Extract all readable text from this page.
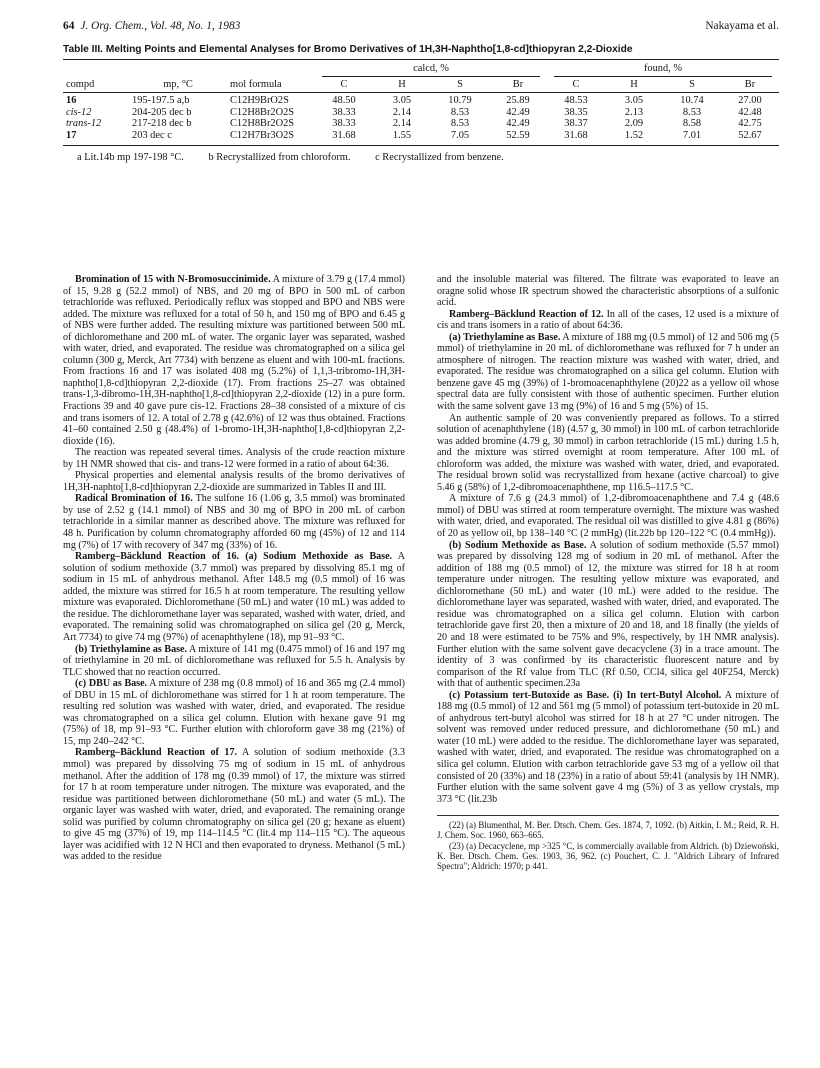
64 J. Org. Chem., Vol. 48, No. 1, 1983	Nakayama et al.
Table III. Melting Points and Elemental Analyses for Bromo Derivatives of 1H,3H-Naphtho[1,8-cd]thiopyran 2,2-Dioxide

			calcd, %				found, %			

compd	mp, °C	mol formula	C	H	S	Br	C	H	S	Br
16	195-197.5 a,b	C12H9BrO2S	48.50	3.05	10.79	25.89	48.53	3.05	10.74	27.00
cis-12	204-205 dec b	C12H8Br2O2S	38.33	2.14	8.53	42.49	38.35	2.13	8.53	42.48
trans-12	217-218 dec b	C12H8Br2O2S	38.33	2.14	8.53	42.49	38.37	2.09	8.58	42.75
17	203 dec c	C12H7Br3O2S	31.68	1.55	7.05	52.59	31.68	1.52	7.01	52.67
a Lit.14b mp 197-198 °C. b Recrystallized from chloroform. c Recrystallized from benzene.

Bromination of 15 with N-Bromosuccinimide. A mixture of 3.79 g (17.4 mmol) of 15, 9.28 g (52.2 mmol) of NBS, and 20 mg of BPO in 500 mL of carbon tetrachloride was refluxed. Periodically reflux was stopped and BPO and NBS were added. The mixture was refluxed for a total of 50 h, and 150 mg of BPO and 6.45 g of NBS were further added. The resulting mixture was partitioned between 500 mL of dichloromethane and 200 mL of water. The organic layer was separated, washed with water, dried, and evaporated. The residue was chromatographed on a silica gel column (300 g, Merck, Art 7734) with benzene as eluent and with 100-mL fractions. From fractions 16 and 17 was isolated 408 mg (5.2%) of 1,1,3-tribromo-1H,3H-naphtho[1,8-cd]thiopyran 2,2-dioxide (17). From fractions 25–27 was obtained trans-1,3-dibromo-1H,3H-naphtho[1,8-cd]thiopyran 2,2-dioxide (12) in a pure form. Fractions 39 and 40 gave pure cis-12. Fractions 28–38 consisted of a mixture of cis and trans isomers of 12. A total of 2.78 g (42.6%) of 12 was thus obtained. Fractions 41–60 contained 2.50 g (48.4%) of 1-bromo-1H,3H-naphtho[1,8-cd]thiopyran 2,2-dioxide (16).

The reaction was repeated several times. Analysis of the crude reaction mixture by 1H NMR showed that cis- and trans-12 were formed in a ratio of about 64:36.

Physical properties and elemental analysis results of the bromo derivatives of 1H,3H-naphto[1,8-cd]thiopyran 2,2-dioxide are summarized in Tables II and III.

Radical Bromination of 16. The sulfone 16 (1.06 g, 3.5 mmol) was brominated by use of 2.52 g (14.1 mmol) of NBS and 30 mg of BPO in 200 mL of carbon tetrachloride in a similar manner as described above. The mixture was refluxed for 48 h. Purification by column chromatography afforded 60 mg (45%) of 12 and 114 mg (7%) of 17 with recovery of 347 mg (33%) of 16.

Ramberg–Bäcklund Reaction of 16. (a) Sodium Methoxide as Base. A solution of sodium methoxide (3.7 mmol) was prepared by dissolving 85.1 mg of sodium in 15 mL of anhydrous methanol. After 148.5 mg (0.5 mmol) of 16 was added, the mixture was stirred for 16.5 h at room temperature. The resulting yellow mixture was evaporated. Dichloromethane (50 mL) and water (10 mL) was added to the residue. The dichloromethane layer was separated, washed with water, dried, and evaporated. The remaining solid was chromatographed on silica gel (20 g, Merck, Art 7734) to give 74 mg (97%) of acenaphthylene (18), mp 91–93 °C.

(b) Triethylamine as Base. A mixture of 141 mg (0.475 mmol) of 16 and 197 mg of triethylamine in 20 mL of dichloromethane was refluxed for 5.5 h. Analysis by TLC showed that no reaction occurred.

(c) DBU as Base. A mixture of 238 mg (0.8 mmol) of 16 and 365 mg (2.4 mmol) of DBU in 15 mL of dichloromethane was stirred for 1 h at room temperature. The resulting red solution was washed with water, dried, and evaporated. The residue was chromatographed on a silica gel column. Elution with hexane gave 91 mg (75%) of 18, mp 91–93 °C. Further elution with chloroform gave 38 mg (21%) of 15, mp 240–242 °C.

Ramberg–Bäcklund Reaction of 17. A solution of sodium methoxide (3.3 mmol) was prepared by dissolving 75 mg of sodium in 15 mL of anhydrous methanol. After the addition of 178 mg (0.39 mmol) of 17, the mixture was stirred for 17 h at room temperature under nitrogen. The mixture was evaporated, and the residue was partitioned between dichloromethane (50 mL) and water (5 mL). The organic layer was washed with water, dried, and evaporated. The remaining orange solid was purified by column chromatography on silica gel (20 g; hexane as eluent) to give 45 mg (37%) of 19, mp 114–114.5 °C (lit.4 mp 114–115 °C). The aqueous layer was acidified with 12 N HCl and then evaporated to dryness. Methanol (5 mL) was added to the residue

and the insoluble material was filtered. The filtrate was evaporated to leave an oragne solid whose IR spectrum showed the characteristic absorptions of a sulfonic acid.

Ramberg–Bäcklund Reaction of 12. In all of the cases, 12 used is a mixture of cis and trans isomers in a ratio of about 64:36.

(a) Triethylamine as Base. A mixture of 188 mg (0.5 mmol) of 12 and 506 mg (5 mmol) of triethylamine in 20 mL of dichloromethane was refluxed for 7 h under an atmosphere of nitrogen. The reaction mixture was washed with water, dried, and evaporated. The residue was chromatographed on a silica gel column. Elution with benzene gave 45 mg (39%) of 1-bromoacenaphthylene (20)22 as a yellow oil whose spectral data are fully consistent with those of authentic specimen. Further elution with the same solvent gave 13 mg (9%) of 16 and 5 mg (5%) of 15.

An authentic sample of 20 was conveniently prepared as follows. To a stirred solution of acenaphthylene (18) (4.57 g, 30 mmol) in 100 mL of carbon tetrachloride was added bromine (4.79 g, 30 mmol) in carbon tetrachloride (15 mL) during 1.5 h, and the mixture was stirred overnight at room temperature. After 100 mL of chloroform was added, the mixture was washed with water, dried, and evaporated. The residual brown solid was recrystallized from hexane (active charcoal) to give 5.46 g (58%) of 1,2-dibromoacenaphthene, mp 116.5–117.5 °C.

A mixture of 7.6 g (24.3 mmol) of 1,2-dibromoacenaphthene and 7.4 g (48.6 mmol) of DBU was stirred at room temperature overnight. The mixture was washed with water, dried, and evaporated. The residual oil was distilled to give 4.81 g (86%) of 20 as yellow oil, bp 138–140 °C (2 mmHg) (lit.22b bp 120–122 °C (0.4 mmHg)).

(b) Sodium Methoxide as Base. A solution of sodium methoxide (5.57 mmol) was prepared by dissolving 128 mg of sodium in 20 mL of methanol. After the addition of 188 mg (0.5 mmol) of 12, the mixture was stirred for 18 h at room temperature under nitrogen. The resulting yellow mixture was evaporated, and dichloromethane (50 mL) and water (10 mL) were added to the residue. The dichloromethane layer was separated, washed with water, dried, and evaporated. The residue was chromatographed on a silica gel column. Elution with carbon tetrachloride gave first 20, then a mixture of 20 and 18, and 18 finally (the yields of 20 and 18 were estimated to be 75% and 9%, respectively, by 1H NMR analysis). Further elution with the same solvent gave decacyclene (3) in a trace amount. The identity of 3 was confirmed by its characteristic fluorescent nature and by comparison of the Rf value from TLC (Rf 0.50, CCl4, silica gel 40F254, Merck) with that of authentic specimen.23a

(c) Potassium tert-Butoxide as Base. (i) In tert-Butyl Alcohol. A mixture of 188 mg (0.5 mmol) of 12 and 561 mg (5 mmol) of potassium tert-butoxide in 20 mL of anhydrous tert-butyl alcohol was stirred for 18 h at 27 °C under nitrogen. The solvent was removed under reduced pressure, and dichloromethane (50 mL) and water (10 mL) were added to the residue. The dichloromethane layer was separated, washed with water, dried, and evaporated. The residue was chromatographed on a silica gel column. Elution with carbon tetrachloride gave 53 mg of a yellow oil that consisted of 20 (33%) and 18 (23%) in a ratio of about 59:41 (analysis by 1H NMR). Further elution with the same solvent gave 4 mg (5%) of 3 as yellow crystals, mp 373 °C (lit.23b

(22) (a) Blumenthal, M. Ber. Dtsch. Chem. Ges. 1874, 7, 1092. (b) Aitkin, I. M.; Reid, R. H. J. Chem. Soc. 1960, 663–665.

(23) (a) Decacyclene, mp >325 °C, is commercially available from Aldrich. (b) Dziewoński, K. Ber. Dtsch. Chem. Ges. 1903, 36, 962. (c) Pouchert, C. J. "Aldrich Library of Infrared Spectra"; Aldrich: 1970; p 441.
